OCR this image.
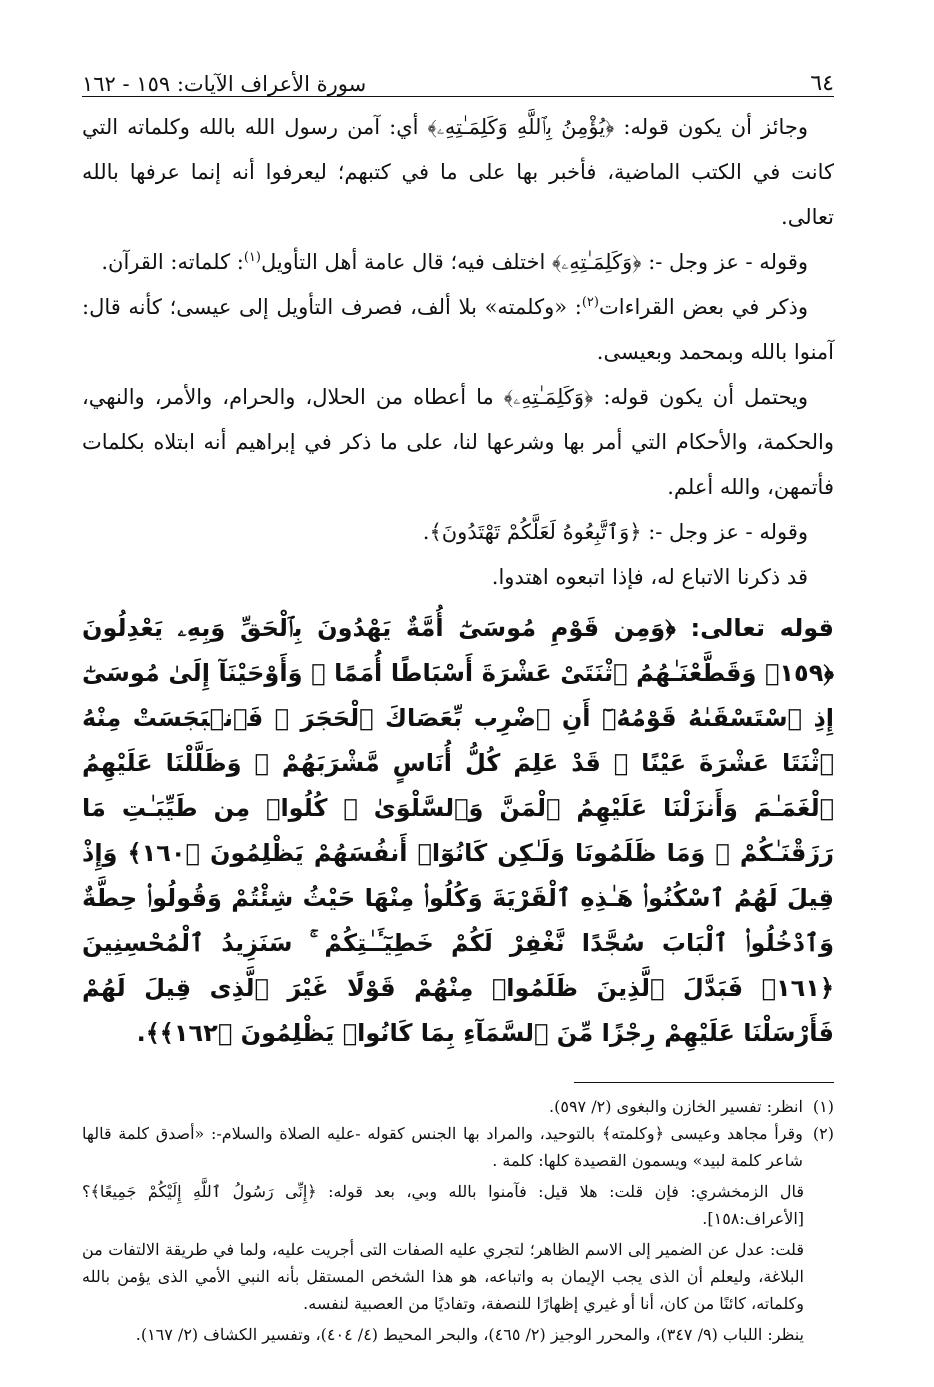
٦٤
سورة الأعراف الآيات: ١٥٩ - ١٦٢

وجائز أن يكون قوله: ﴿يُؤْمِنُ بِٱللَّهِ وَكَلِمَـٰتِهِۦ﴾ أي: آمن رسول الله بالله وكلماته التي كانت في الكتب الماضية، فأخبر بها على ما في كتبهم؛ ليعرفوا أنه إنما عرفها بالله تعالى.

وقوله - عز وجل -: ﴿وَكَلِمَـٰتِهِۦ﴾ اختلف فيه؛ قال عامة أهل التأويل$^{(١)}$: كلماته: القرآن.

وذكر في بعض القراءات$^{(٢)}$: «وكلمته» بلا ألف، فصرف التأويل إلى عيسى؛ كأنه قال: آمنوا بالله وبمحمد وبعيسى.

ويحتمل أن يكون قوله: ﴿وَكَلِمَـٰتِهِۦ﴾ ما أعطاه من الحلال، والحرام، والأمر، والنهي، والحكمة، والأحكام التي أمر بها وشرعها لنا، على ما ذكر في إبراهيم أنه ابتلاه بكلمات فأتمهن، والله أعلم.

وقوله - عز وجل -: ﴿وَٱتَّبِعُوهُ لَعَلَّكُمْ تَهْتَدُونَ﴾.

قد ذكرنا الاتباع له، فإذا اتبعوه اهتدوا.

قوله تعالى: ﴿وَمِن قَوْمِ مُوسَىٰٓ أُمَّةٌ يَهْدُونَ بِٱلْحَقِّ وَبِهِۦ يَعْدِلُونَ ﴿١٥٩﴾ وَقَطَّعْنَـٰهُمُ ٱثْنَتَىْ عَشْرَةَ أَسْبَاطًا أُمَمًا ۚ وَأَوْحَيْنَآ إِلَىٰ مُوسَىٰٓ إِذِ ٱسْتَسْقَىٰهُ قَوْمُهُۥٓ أَنِ ٱضْرِب بِّعَصَاكَ ٱلْحَجَرَ ۖ فَٱنۢبَجَسَتْ مِنْهُ ٱثْنَتَا عَشْرَةَ عَيْنًا ۖ قَدْ عَلِمَ كُلُّ أُنَاسٍ مَّشْرَبَهُمْ ۚ وَظَلَّلْنَا عَلَيْهِمُ ٱلْغَمَـٰمَ وَأَنزَلْنَا عَلَيْهِمُ ٱلْمَنَّ وَٱلسَّلْوَىٰ ۖ كُلُوا۟ مِن طَيِّبَـٰتِ مَا رَزَقْنَـٰكُمْ ۚ وَمَا ظَلَمُونَا وَلَـٰكِن كَانُوٓا۟ أَنفُسَهُمْ يَظْلِمُونَ ﴿١٦٠﴾ وَإِذْ قِيلَ لَهُمُ ٱسْكُنُوا۟ هَـٰذِهِ ٱلْقَرْيَةَ وَكُلُوا۟ مِنْهَا حَيْثُ شِئْتُمْ وَقُولُوا۟ حِطَّةٌ وَٱدْخُلُوا۟ ٱلْبَابَ سُجَّدًا نَّغْفِرْ لَكُمْ خَطِيٓـَٔـٰتِكُمْ ۚ سَنَزِيدُ ٱلْمُحْسِنِينَ ﴿١٦١﴾ فَبَدَّلَ ٱلَّذِينَ ظَلَمُوا۟ مِنْهُمْ قَوْلًا غَيْرَ ٱلَّذِى قِيلَ لَهُمْ فَأَرْسَلْنَا عَلَيْهِمْ رِجْزًا مِّنَ ٱلسَّمَآءِ بِمَا كَانُوا۟ يَظْلِمُونَ ﴿١٦٢﴾﴾.
(١)
انظر: تفسير الخازن والبغوى (٢/ ٥٩٧).
(٢)
وقرأ مجاهد وعيسى ﴿وكلمته﴾ بالتوحيد، والمراد بها الجنس كقوله -عليه الصلاة والسلام-: «أصدق كلمة قالها شاعر كلمة لبيد» ويسمون القصيدة كلها: كلمة .

قال الزمخشري: فإن قلت: هلا قيل: فآمنوا بالله وبي، بعد قوله: ﴿إِنِّى رَسُولُ ٱللَّهِ إِلَيْكُمْ جَمِيعًا﴾؟[الأعراف:١٥٨].

قلت: عدل عن الضمير إلى الاسم الظاهر؛ لتجري عليه الصفات التى أجريت عليه، ولما في طريقة الالتفات من البلاغة، وليعلم أن الذى يجب الإيمان به واتباعه، هو هذا الشخص المستقل بأنه النبي الأمي الذى يؤمن بالله وكلماته، كائنًا من كان، أنا أو غيري إظهارًا للنصفة، وتفاديًا من العصبية لنفسه.

ينظر: اللباب (٩/ ٣٤٧)، والمحرر الوجيز (٢/ ٤٦٥)، والبحر المحيط (٤/ ٤٠٤)، وتفسير الكشاف (٢/ ١٦٧).
